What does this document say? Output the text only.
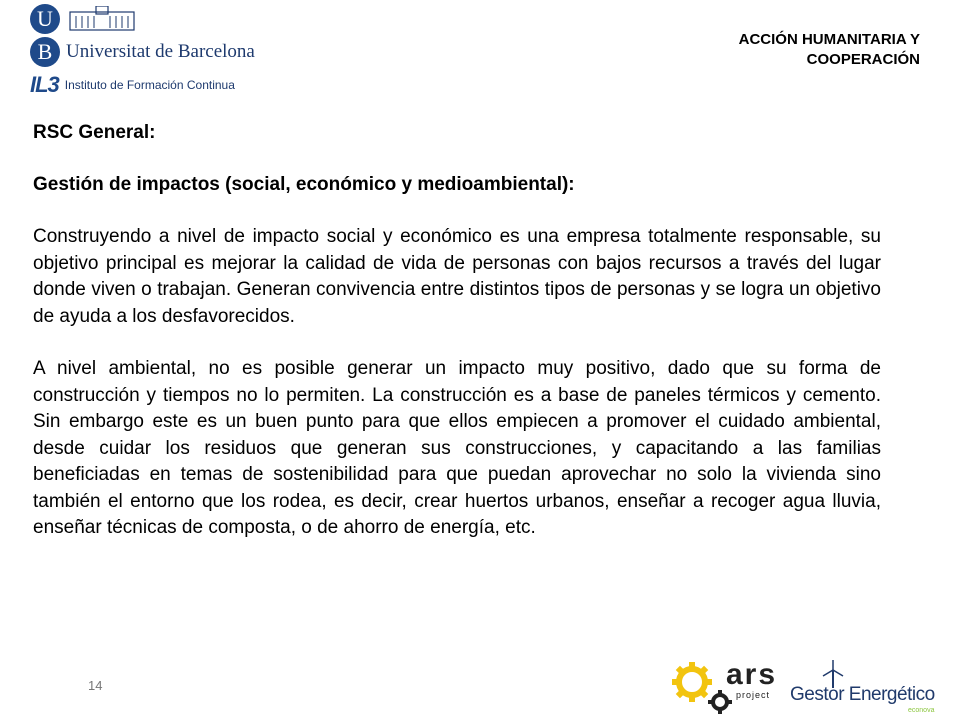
U
B Universitat de Barcelona
IL3 Instituto de Formación Continua
ACCIÓN HUMANITARIA Y
COOPERACIÓN

RSC General:

Gestión de impactos (social, económico y medioambiental):

Construyendo a nivel de impacto social y económico es una empresa totalmente responsable, su objetivo principal es mejorar la calidad de vida de personas con bajos recursos a través del lugar donde viven o trabajan. Generan convivencia entre distintos tipos de personas y se logra un objetivo de ayuda a los desfavorecidos.

A nivel ambiental, no es posible generar un impacto muy positivo, dado que su forma de construcción y tiempos no lo permiten. La construcción es a base de paneles térmicos y cemento. Sin embargo este es un buen punto para que ellos empiecen a promover el cuidado ambiental, desde cuidar los residuos que generan sus construcciones, y capacitando a las familias beneficiadas en temas de sostenibilidad para que puedan aprovechar no solo la vivienda sino también el entorno que los rodea, es decir, crear huertos urbanos, enseñar a recoger agua lluvia, enseñar técnicas de composta, o de ahorro de energía, etc.

14	ars
project Gestor Energético
econova
